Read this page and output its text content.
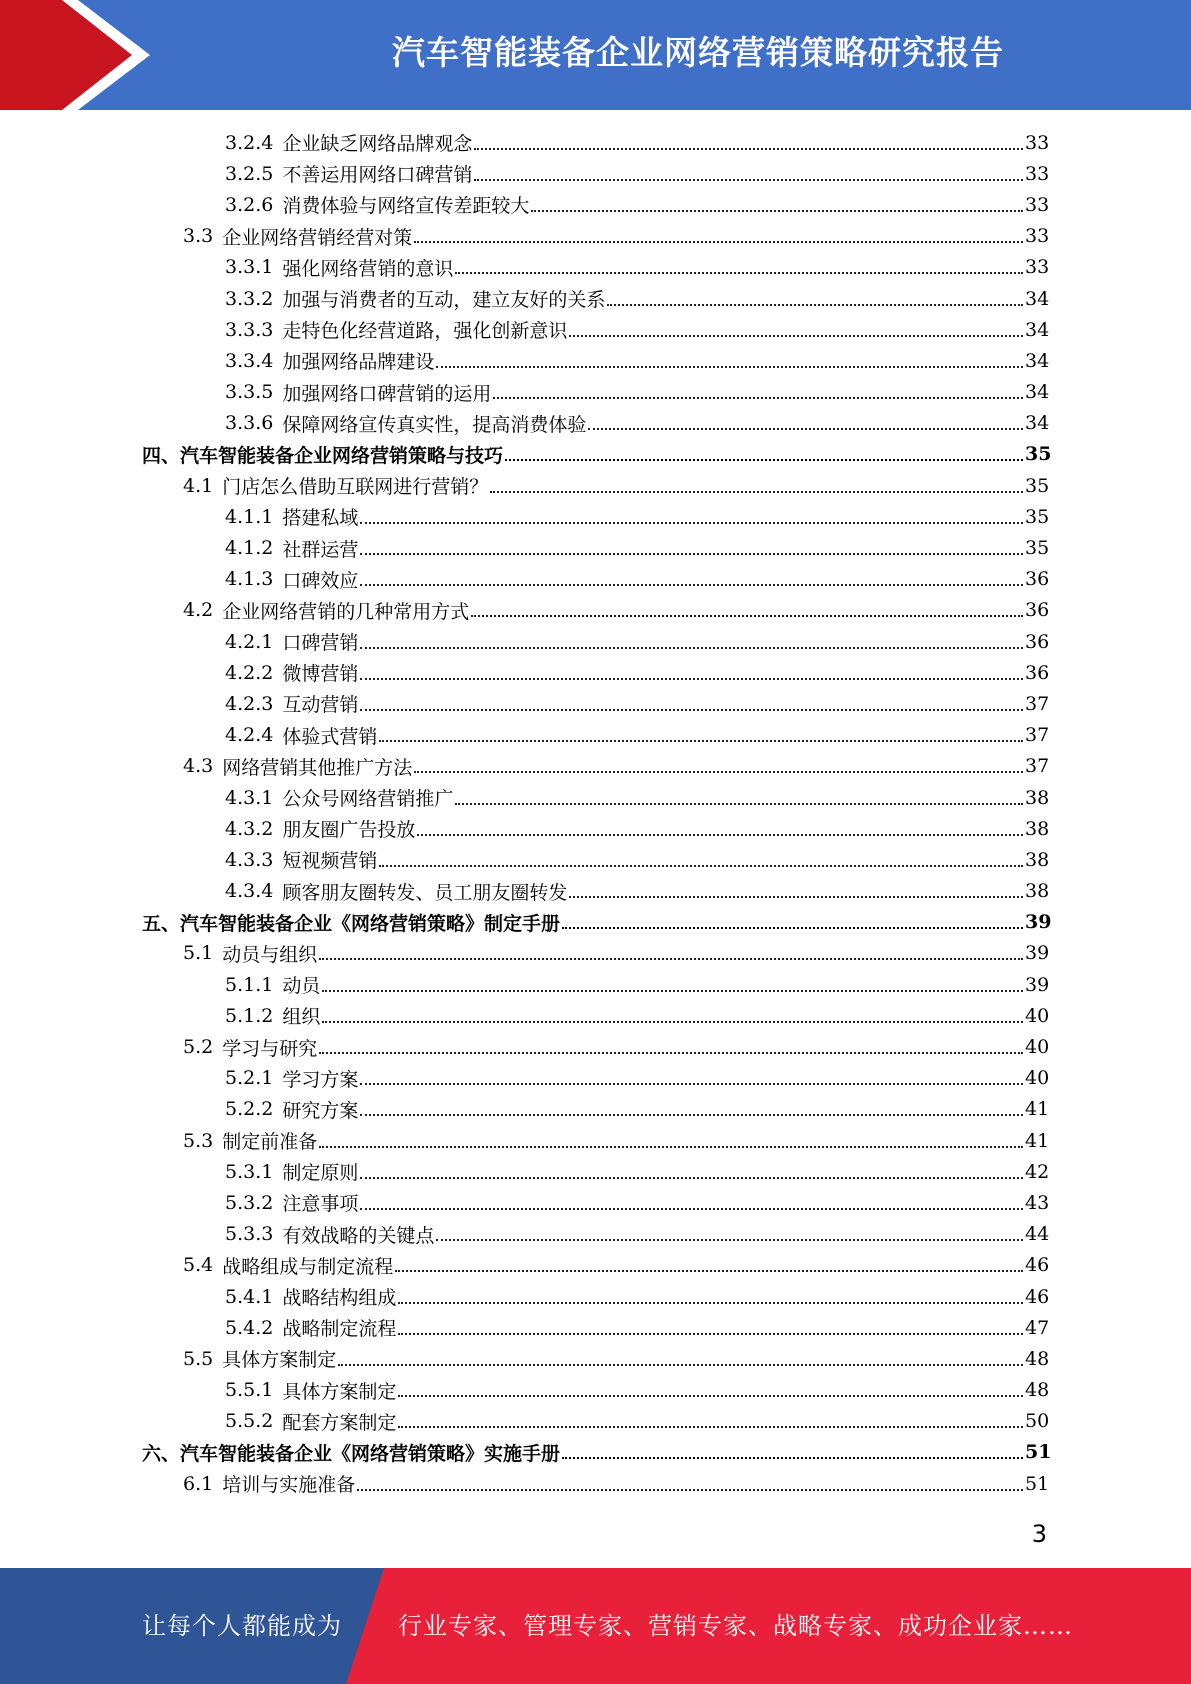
汽车智能装备企业网络营销策略研究报告
3.2.4 企业缺乏网络品牌观念	33
3.2.5 不善运用网络口碑营销	33
3.2.6 消费体验与网络宣传差距较大	33
3.3 企业网络营销经营对策	33
3.3.1 强化网络营销的意识	33
3.3.2 加强与消费者的互动，建立友好的关系	34
3.3.3 走特色化经营道路，强化创新意识	34
3.3.4 加强网络品牌建设	34
3.3.5 加强网络口碑营销的运用	34
3.3.6 保障网络宣传真实性，提高消费体验	34
四、 汽车智能装备企业网络营销策略与技巧	35
4.1 门店怎么借助互联网进行营销？	35
4.1.1 搭建私域	35
4.1.2 社群运营	35
4.1.3 口碑效应	36
4.2 企业网络营销的几种常用方式	36
4.2.1 口碑营销	36
4.2.2 微博营销	36
4.2.3 互动营销	37
4.2.4 体验式营销	37
4.3 网络营销其他推广方法	37
4.3.1 公众号网络营销推广	38
4.3.2 朋友圈广告投放	38
4.3.3 短视频营销	38
4.3.4 顾客朋友圈转发、员工朋友圈转发	38
五、 汽车智能装备企业《网络营销策略》制定手册	39
5.1 动员与组织	39
5.1.1 动员	39
5.1.2 组织	40
5.2 学习与研究	40
5.2.1 学习方案	40
5.2.2 研究方案	41
5.3 制定前准备	41
5.3.1 制定原则	42
5.3.2 注意事项	43
5.3.3 有效战略的关键点	44
5.4 战略组成与制定流程	46
5.4.1 战略结构组成	46
5.4.2 战略制定流程	47
5.5 具体方案制定	48
5.5.1 具体方案制定	48
5.5.2 配套方案制定	50
六、 汽车智能装备企业《网络营销策略》实施手册	51
6.1 培训与实施准备	51
3
让每个人都能成为 行业专家、管理专家、营销专家、战略专家、成功企业家……
